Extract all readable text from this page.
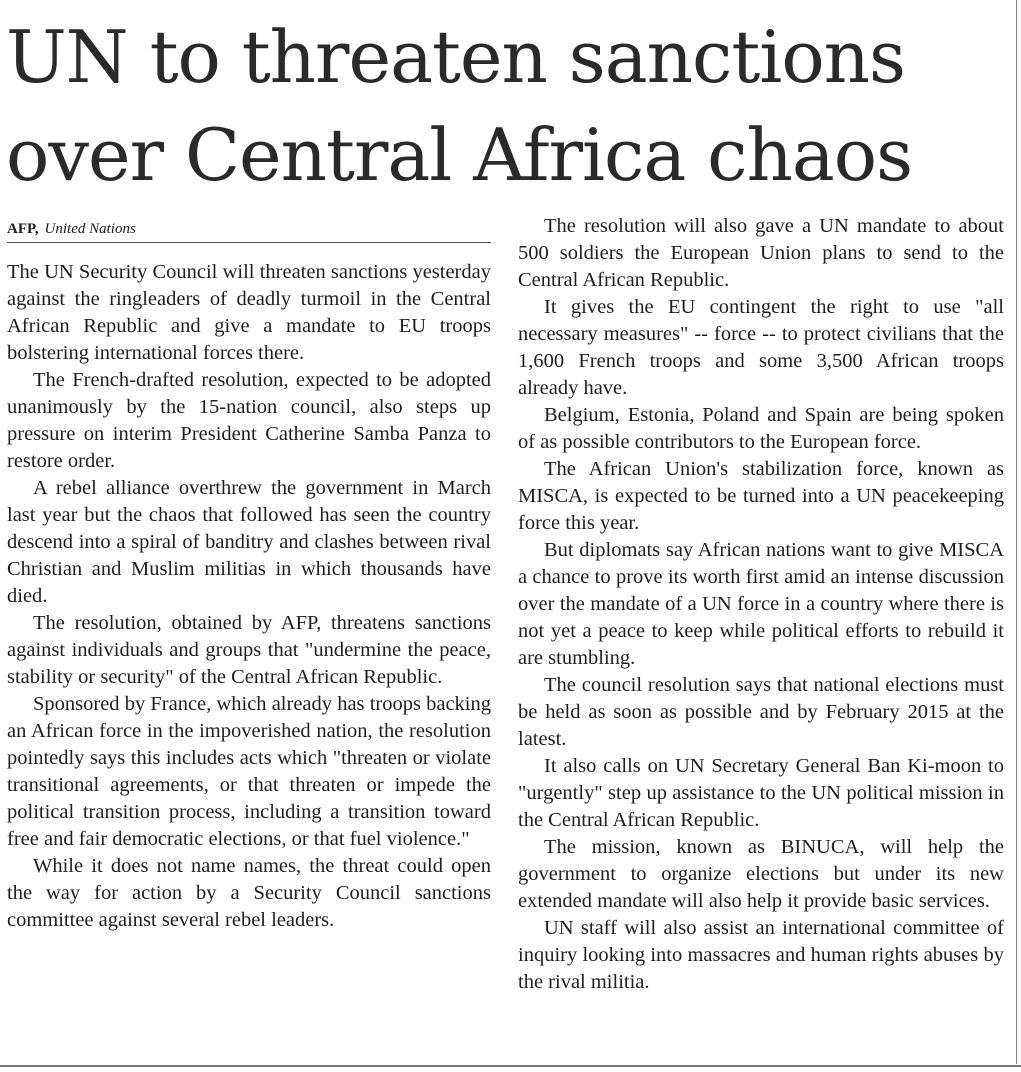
UN to threaten sanctions
over Central Africa chaos
AFP, United Nations

The UN Security Council will threaten sanctions yesterday against the ringleaders of deadly turmoil in the Central African Republic and give a mandate to EU troops bolstering international forces there.

The French-drafted resolution, expected to be adopted unanimously by the 15-nation council, also steps up pressure on interim President Catherine Samba Panza to restore order.

A rebel alliance overthrew the government in March last year but the chaos that followed has seen the country descend into a spiral of banditry and clashes between rival Christian and Muslim militias in which thousands have died.

The resolution, obtained by AFP, threatens sanctions against individuals and groups that "undermine the peace, stability or security" of the Central African Republic.

Sponsored by France, which already has troops backing an African force in the impoverished nation, the resolution pointedly says this includes acts which "threaten or violate transitional agreements, or that threaten or impede the political transition process, including a transition toward free and fair democratic elections, or that fuel violence."

While it does not name names, the threat could open the way for action by a Security Council sanctions committee against several rebel leaders.

The resolution will also gave a UN mandate to about 500 soldiers the European Union plans to send to the Central African Republic.

It gives the EU contingent the right to use "all necessary measures" -- force -- to protect civilians that the 1,600 French troops and some 3,500 African troops already have.

Belgium, Estonia, Poland and Spain are being spoken of as possible contributors to the European force.

The African Union's stabilization force, known as MISCA, is expected to be turned into a UN peacekeeping force this year.

But diplomats say African nations want to give MISCA a chance to prove its worth first amid an intense discussion over the mandate of a UN force in a country where there is not yet a peace to keep while political efforts to rebuild it are stumbling.

The council resolution says that national elections must be held as soon as possible and by February 2015 at the latest.

It also calls on UN Secretary General Ban Ki-moon to "urgently" step up assistance to the UN political mission in the Central African Republic.

The mission, known as BINUCA, will help the government to organize elections but under its new extended mandate will also help it provide basic services.

UN staff will also assist an international committee of inquiry looking into massacres and human rights abuses by the rival militia.
